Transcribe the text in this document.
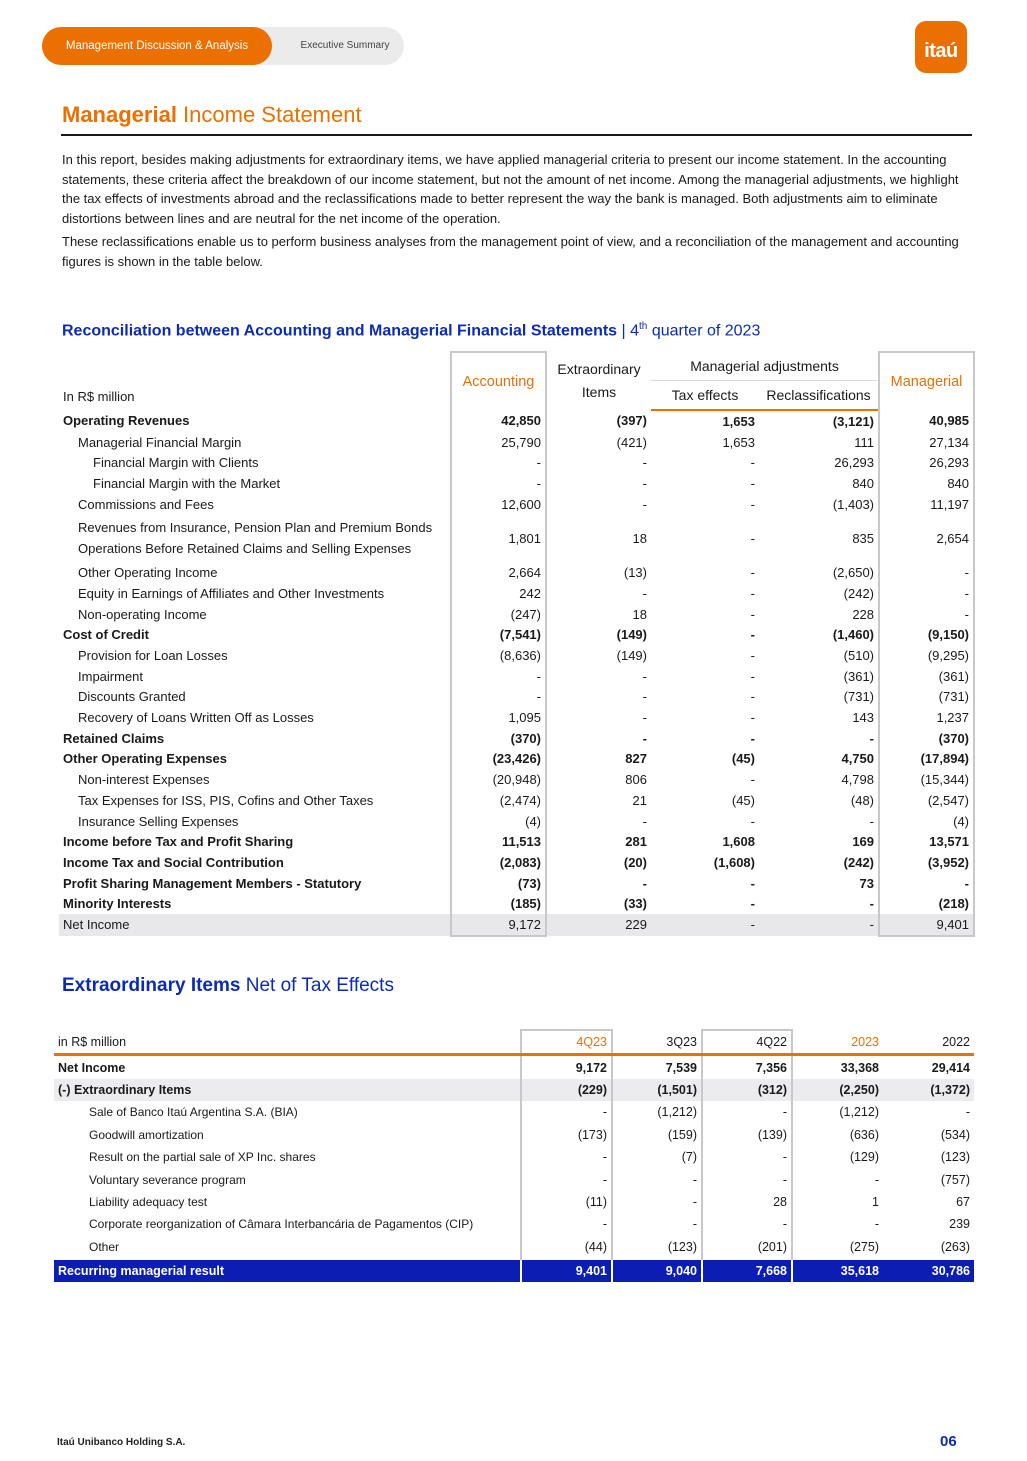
Management Discussion & Analysis	Executive Summary	itaú
Managerial Income Statement

In this report, besides making adjustments for extraordinary items, we have applied managerial criteria to present our income statement. In the accounting statements, these criteria affect the breakdown of our income statement, but not the amount of net income. Among the managerial adjustments, we highlight the tax effects of investments abroad and the reclassifications made to better represent the way the bank is managed. Both adjustments aim to eliminate distortions between lines and are neutral for the net income of the operation.

These reclassifications enable us to perform business analyses from the management point of view, and a reconciliation of the management and accounting figures is shown in the table below.

Reconciliation between Accounting and Managerial Financial Statements | 4th quarter of 2023
In R$ million	Accounting	Extraordinary Items	Managerial adjustments		Managerial
			Tax effects	Reclassifications	
Operating Revenues	42,850	(397)	1,653	(3,121)	40,985
Managerial Financial Margin	25,790	(421)	1,653	111	27,134
Financial Margin with Clients	-	-	-	26,293	26,293
Financial Margin with the Market	-	-	-	840	840
Commissions and Fees	12,600	-	-	(1,403)	11,197

Revenues from Insurance, Pension Plan and Premium Bonds
Operations Before Retained Claims and Selling Expenses	1,801	18	-	835	2,654
Other Operating Income	2,664	(13)	-	(2,650)	-
Equity in Earnings of Affiliates and Other Investments	242	-	-	(242)	-
Non-operating Income	(247)	18	-	228	-
Cost of Credit	(7,541)	(149)	-	(1,460)	(9,150)
Provision for Loan Losses	(8,636)	(149)	-	(510)	(9,295)
Impairment	-	-	-	(361)	(361)
Discounts Granted	-	-	-	(731)	(731)
Recovery of Loans Written Off as Losses	1,095	-	-	143	1,237
Retained Claims	(370)	-	-	-	(370)
Other Operating Expenses	(23,426)	827	(45)	4,750	(17,894)
Non-interest Expenses	(20,948)	806	-	4,798	(15,344)
Tax Expenses for ISS, PIS, Cofins and Other Taxes	(2,474)	21	(45)	(48)	(2,547)
Insurance Selling Expenses	(4)	-	-	-	(4)
Income before Tax and Profit Sharing	11,513	281	1,608	169	13,571
Income Tax and Social Contribution	(2,083)	(20)	(1,608)	(242)	(3,952)
Profit Sharing Management Members - Statutory	(73)	-	-	73	-
Minority Interests	(185)	(33)	-	-	(218)
Net Income	9,172	229	-	-	9,401
Extraordinary Items Net of Tax Effects
in R$ million	4Q23	3Q23	4Q22	2023	2022
Net Income	9,172	7,539	7,356	33,368	29,414
(-) Extraordinary Items	(229)	(1,501)	(312)	(2,250)	(1,372)
Sale of Banco Itaú Argentina S.A. (BIA)	-	(1,212)	-	(1,212)	-
Goodwill amortization	(173)	(159)	(139)	(636)	(534)
Result on the partial sale of XP Inc. shares	-	(7)	-	(129)	(123)
Voluntary severance program	-	-	-	-	(757)
Liability adequacy test	(11)	-	28	1	67
Corporate reorganization of Câmara Interbancária de Pagamentos (CIP)	-	-	-	-	239
Other	(44)	(123)	(201)	(275)	(263)
Recurring managerial result	9,401	9,040	7,668	35,618	30,786
Itaú Unibanco Holding S.A.	06
